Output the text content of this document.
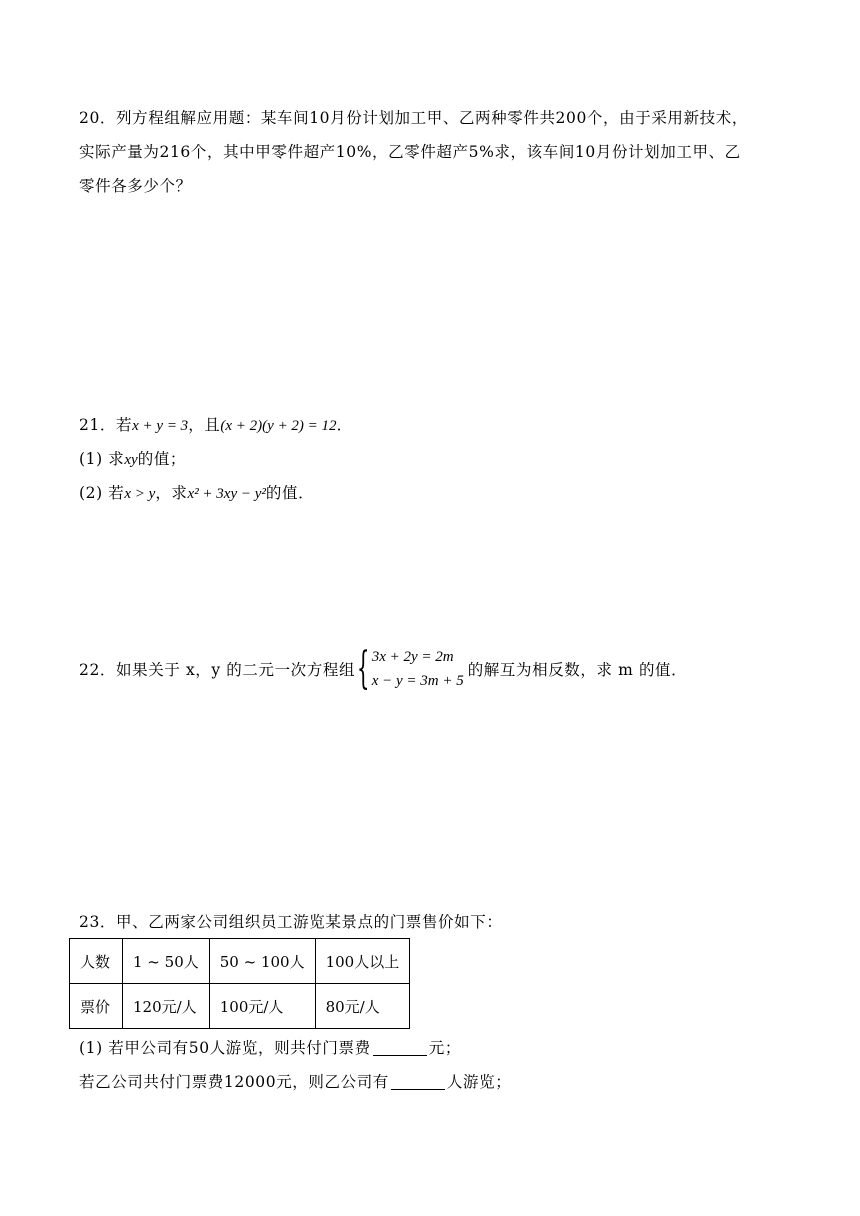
20．列方程组解应用题：某车间10月份计划加工甲、乙两种零件共200个，由于采用新技术，
实际产量为216个，其中甲零件超产10%，乙零件超产5%求，该车间10月份计划加工甲、乙
零件各多少个？
21．若x + y = 3，且(x + 2)(y + 2) = 12．
(1) 求xy的值；
(2) 若x > y，求x² + 3xy − y²的值．
22．如果关于 x，y 的二元一次方程组{ 3x + 2y = 2m
x − y = 3m + 5
的解互为相反数，求 m 的值．
23．甲、乙两家公司组织员工游览某景点的门票售价如下：
人数	1 ~ 50人	50 ~ 100人	100人以上
票价	120元/人	100元/人	80元/人
(1) 若甲公司有50人游览，则共付门票费	元；
若乙公司共付门票费12000元，则乙公司有	人游览；
